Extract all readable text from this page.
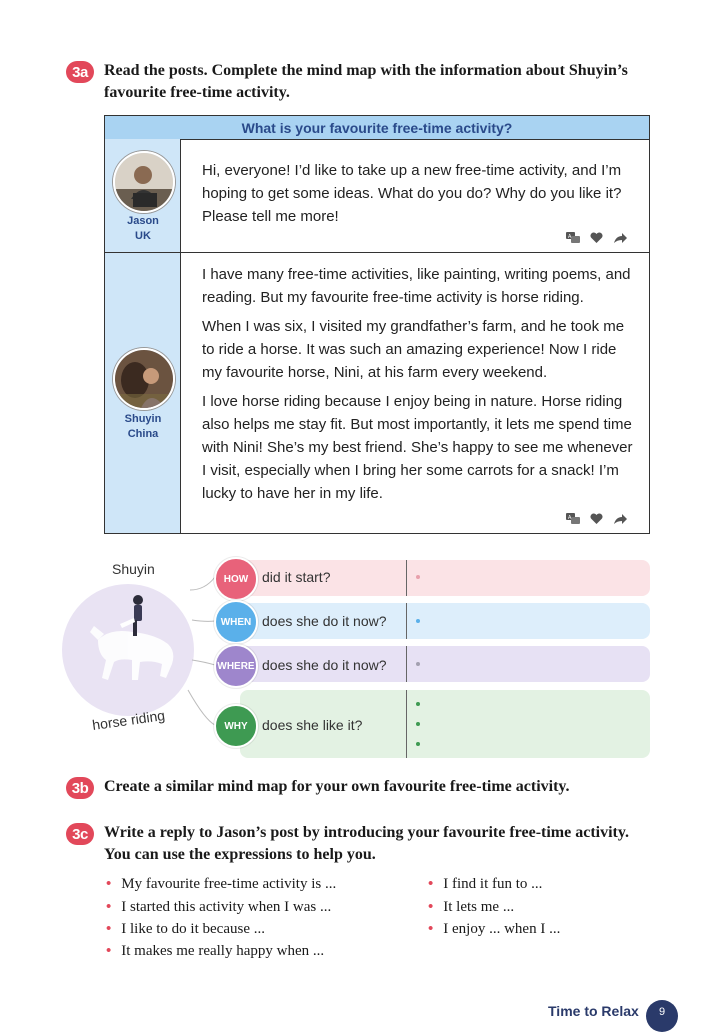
3a	Read the posts. Complete the mind map with the information about Shuyin’s
favourite free-time activity.
What is your favourite free-time activity?
Jason
UK

Hi, everyone! I’d like to take up a new free-time activity, and I’m hoping to get some ideas. What do you do? Why do you like it? Please tell me more!

A
Shuyin
China

I have many free-time activities, like painting, writing poems, and reading. But my favourite free-time activity is horse riding.

When I was six, I visited my grandfather’s farm, and he took me to ride a horse. It was such an amazing experience! Now I ride my favourite horse, Nini, at his farm every weekend.

I love horse riding because I enjoy being in nature. Horse riding also helps me stay fit. But most importantly, it lets me spend time with Nini! She’s my best friend. She’s happy to see me whenever I visit, especially when I bring her some carrots for a snack! I’m lucky to have her in my life.

A
Shuyin
horse riding
HOW did it start?
WHEN does she do it now?
WHERE does she do it now?
WHY	does she like it?
3b Create a similar mind map for your own favourite free-time activity.
3c	Write a reply to Jason’s post by introducing your favourite free-time activity.
You can use the expressions to help you.
• My favourite free-time activity is ...
• I started this activity when I was ...
• I like to do it because ...
• It makes me really happy when ...
• I find it fun to ...
• It lets me ...
• I enjoy ... when I ...
Time to Relax	9
